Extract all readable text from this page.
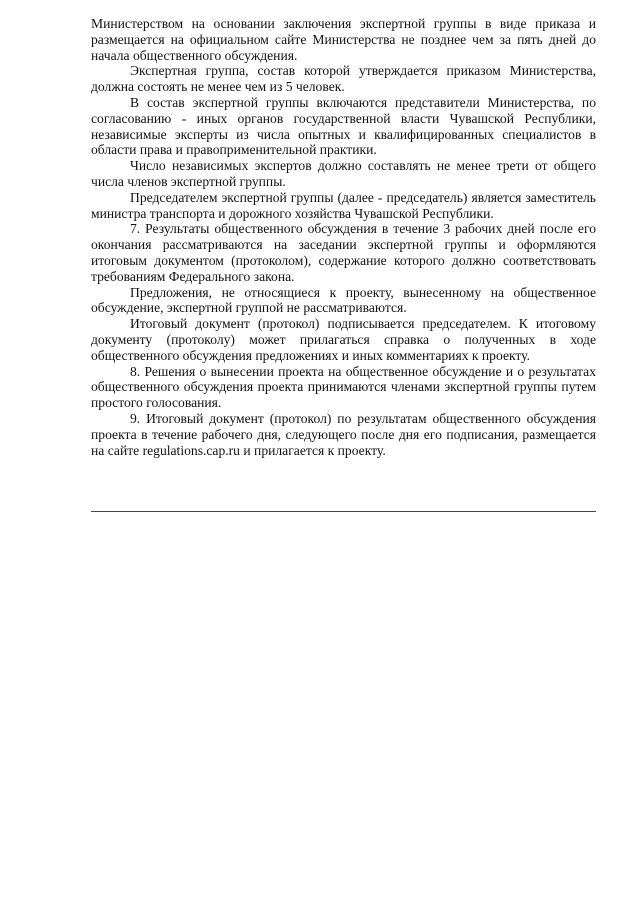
Министерством на основании заключения экспертной группы в виде приказа и размещается на официальном сайте Министерства не позднее чем за пять дней до начала общественного обсуждения.

Экспертная группа, состав которой утверждается приказом Министерства, должна состоять не менее чем из 5 человек.

В состав экспертной группы включаются представители Министерства, по согласованию - иных органов государственной власти Чувашской Республики, независимые эксперты из числа опытных и квалифицированных специалистов в области права и правоприменительной практики.

Число независимых экспертов должно составлять не менее трети от общего числа членов экспертной группы.

Председателем экспертной группы (далее - председатель) является заместитель министра транспорта и дорожного хозяйства Чувашской Республики.

7. Результаты общественного обсуждения в течение 3 рабочих дней после его окончания рассматриваются на заседании экспертной группы и оформляются итоговым документом (протоколом), содержание которого должно соответствовать требованиям Федерального закона.

Предложения, не относящиеся к проекту, вынесенному на общественное обсуждение, экспертной группой не рассматриваются.

Итоговый документ (протокол) подписывается председателем. К итоговому документу (протоколу) может прилагаться справка о полученных в ходе общественного обсуждения предложениях и иных комментариях к проекту.

8. Решения о вынесении проекта на общественное обсуждение и о результатах общественного обсуждения проекта принимаются членами экспертной группы путем простого голосования.

9. Итоговый документ (протокол) по результатам общественного обсуждения проекта в течение рабочего дня, следующего после дня его подписания, размещается на сайте regulations.cap.ru и прилагается к проекту.
